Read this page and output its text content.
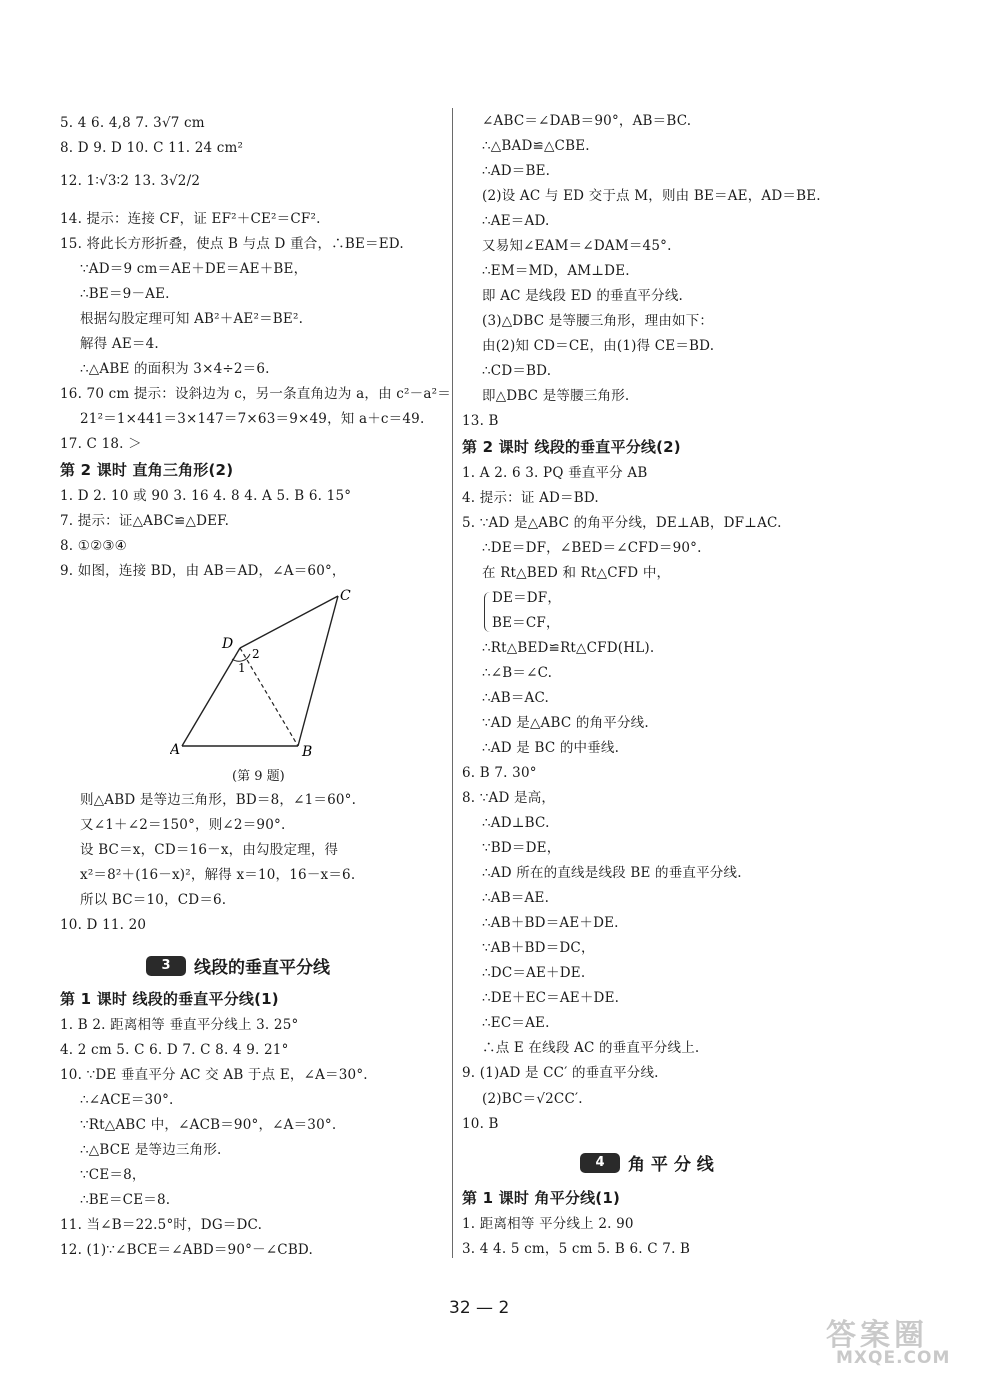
5. 4 6. 4,8 7. 3√7 cm
8. D 9. D 10. C 11. 24 cm²
12. 1∶√3∶2 13. 3√2/2
14. 提示：连接 CF，证 EF²＋CE²＝CF².
15. 将此长方形折叠，使点 B 与点 D 重合，∴BE＝ED.
∵AD＝9 cm＝AE＋DE＝AE＋BE，
∴BE＝9－AE.
根据勾股定理可知 AB²＋AE²＝BE².
解得 AE＝4.
∴△ABE 的面积为 3×4÷2＝6.
16. 70 cm 提示：设斜边为 c，另一条直角边为 a，由 c²－a²＝
21²＝1×441＝3×147＝7×63＝9×49，知 a＋c＝49.
17. C 18. ＞
第 2 课时 直角三角形(2)
1. D 2. 10 或 90 3. 16 4. 8 4. A 5. B 6. 15°
7. 提示：证△ABC≌△DEF.
8. ①②③④
9. 如图，连接 BD，由 AB＝AD，∠A＝60°，
则△ABD 是等边三角形，BD＝8，∠1＝60°.
又∠1＋∠2＝150°，则∠2＝90°.
设 BC＝x，CD＝16－x，由勾股定理，得
x²＝8²＋(16－x)²，解得 x＝10，16－x＝6.
所以 BC＝10，CD＝6.
10. D 11. 20
第 1 课时 线段的垂直平分线(1)
1. B 2. 距离相等 垂直平分线上 3. 25°
4. 2 cm 5. C 6. D 7. C 8. 4 9. 21°
10. ∵DE 垂直平分 AC 交 AB 于点 E，∠A＝30°.
∴∠ACE＝30°.
∵Rt△ABC 中，∠ACB＝90°，∠A＝30°.
∴△BCE 是等边三角形.
∵CE＝8，
∴BE＝CE＝8.
11. 当∠B＝22.5°时，DG＝DC.
12. (1)∵∠BCE＝∠ABD＝90°－∠CBD.
A	B
C
D
1
2
(第 9 题)
3	线段的垂直平分线
∠ABC＝∠DAB＝90°，AB＝BC.
∴△BAD≌△CBE.
∴AD＝BE.
(2)设 AC 与 ED 交于点 M，则由 BE＝AE，AD＝BE.
∴AE＝AD.
又易知∠EAM＝∠DAM＝45°.
∴EM＝MD，AM⊥DE.
即 AC 是线段 ED 的垂直平分线.
(3)△DBC 是等腰三角形，理由如下：
由(2)知 CD＝CE，由(1)得 CE＝BD.
∴CD＝BD.
即△DBC 是等腰三角形.
13. B
第 2 课时 线段的垂直平分线(2)
1. A 2. 6 3. PQ 垂直平分 AB
4. 提示：证 AD＝BD.
5. ∵AD 是△ABC 的角平分线，DE⊥AB，DF⊥AC.
∴DE＝DF，∠BED＝∠CFD＝90°.
在 Rt△BED 和 Rt△CFD 中，
DE＝DF，
BE＝CF，
∴Rt△BED≌Rt△CFD(HL).
∴∠B＝∠C.
∴AB＝AC.
∵AD 是△ABC 的角平分线.
∴AD 是 BC 的中垂线.
6. B 7. 30°
8. ∵AD 是高，
∴AD⊥BC.
∵BD＝DE，
∴AD 所在的直线是线段 BE 的垂直平分线.
∴AB＝AE.
∴AB＋BD＝AE＋DE.
∵AB＋BD＝DC，
∴DC＝AE＋DE.
∴DE＋EC＝AE＋DE.
∴EC＝AE.
∴点 E 在线段 AC 的垂直平分线上.
9. (1)AD 是 CC′ 的垂直平分线.
(2)BC＝√2CC′.
10. B
第 1 课时 角平分线(1)
1. 距离相等 平分线上 2. 90
3. 4 4. 5 cm，5 cm 5. B 6. C 7. B
4	角 平 分 线
32 — 2
答案圈
MXQE.COM
